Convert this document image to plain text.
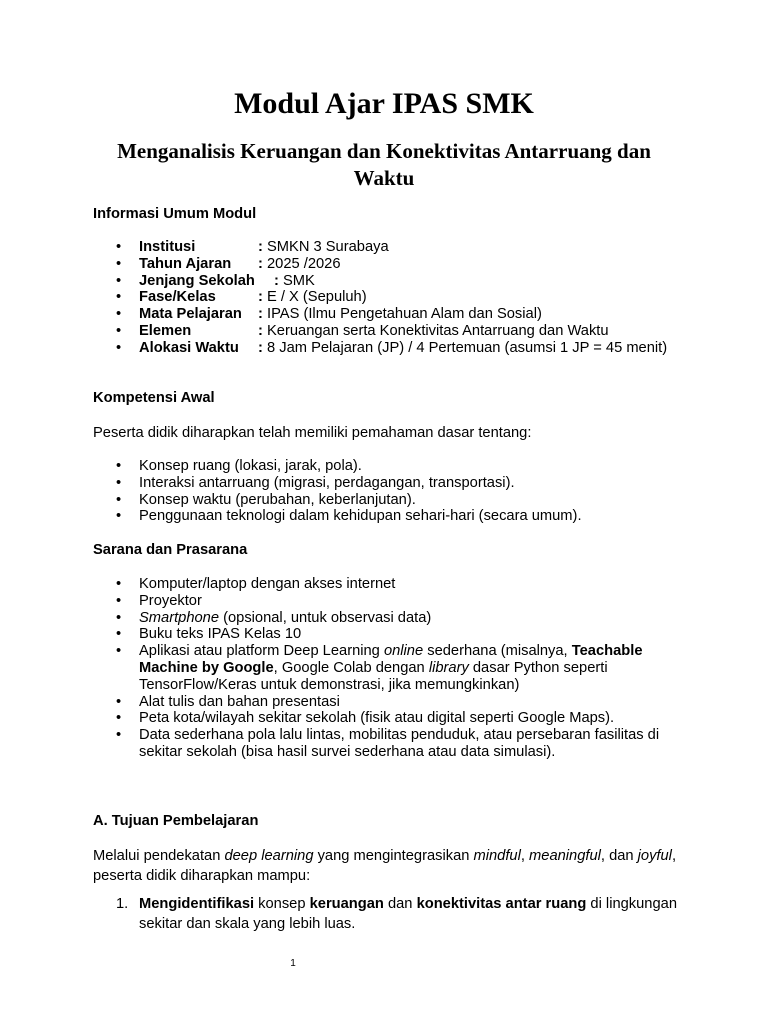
Modul Ajar IPAS SMK
Menganalisis Keruangan dan Konektivitas Antarruang dan Waktu
Informasi Umum Modul
• Institusi	: SMKN 3 Surabaya
• Tahun Ajaran : 2025 /2026
• Jenjang Sekolah : SMK
• Fase/Kelas	: E / X (Sepuluh)
• Mata Pelajaran : IPAS (Ilmu Pengetahuan Alam dan Sosial)
• Elemen	: Keruangan serta Konektivitas Antarruang dan Waktu
• Alokasi Waktu : 8 Jam Pelajaran (JP) / 4 Pertemuan (asumsi 1 JP = 45 menit)
Kompetensi Awal
Peserta didik diharapkan telah memiliki pemahaman dasar tentang:
• Konsep ruang (lokasi, jarak, pola).
• Interaksi antarruang (migrasi, perdagangan, transportasi).
• Konsep waktu (perubahan, keberlanjutan).
• Penggunaan teknologi dalam kehidupan sehari-hari (secara umum).
Sarana dan Prasarana
• Komputer/laptop dengan akses internet
• Proyektor
• Smartphone (opsional, untuk observasi data)
• Buku teks IPAS Kelas 10
• Aplikasi atau platform Deep Learning online sederhana (misalnya, Teachable Machine by Google, Google Colab dengan library dasar Python seperti TensorFlow/Keras untuk demonstrasi, jika memungkinkan)
• Alat tulis dan bahan presentasi
• Peta kota/wilayah sekitar sekolah (fisik atau digital seperti Google Maps).
• Data sederhana pola lalu lintas, mobilitas penduduk, atau persebaran fasilitas di sekitar sekolah (bisa hasil survei sederhana atau data simulasi).
A. Tujuan Pembelajaran
Melalui pendekatan deep learning yang mengintegrasikan mindful, meaningful, dan joyful, peserta didik diharapkan mampu:
1. Mengidentifikasi konsep keruangan dan konektivitas antar ruang di lingkungan sekitar dan skala yang lebih luas.
1
